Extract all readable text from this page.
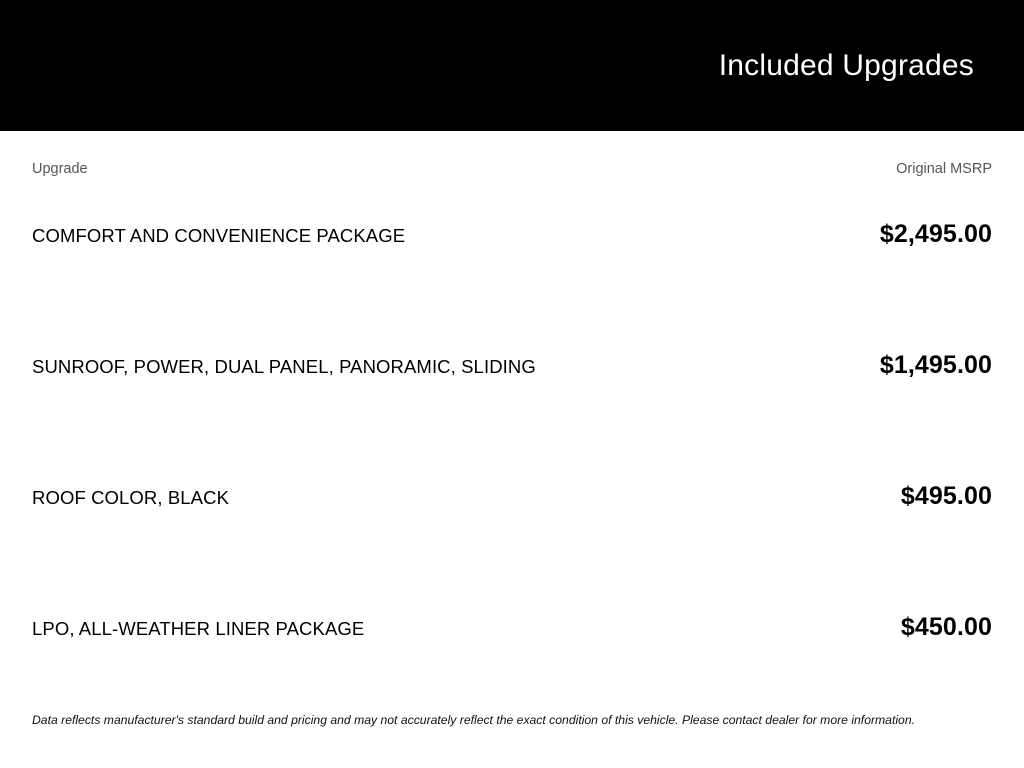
Included Upgrades
Upgrade	Original MSRP
COMFORT AND CONVENIENCE PACKAGE	$2,495.00
SUNROOF, POWER, DUAL PANEL, PANORAMIC, SLIDING	$1,495.00
ROOF COLOR, BLACK	$495.00
LPO, ALL-WEATHER LINER PACKAGE	$450.00
Data reflects manufacturer's standard build and pricing and may not accurately reflect the exact condition of this vehicle. Please contact dealer for more information.
